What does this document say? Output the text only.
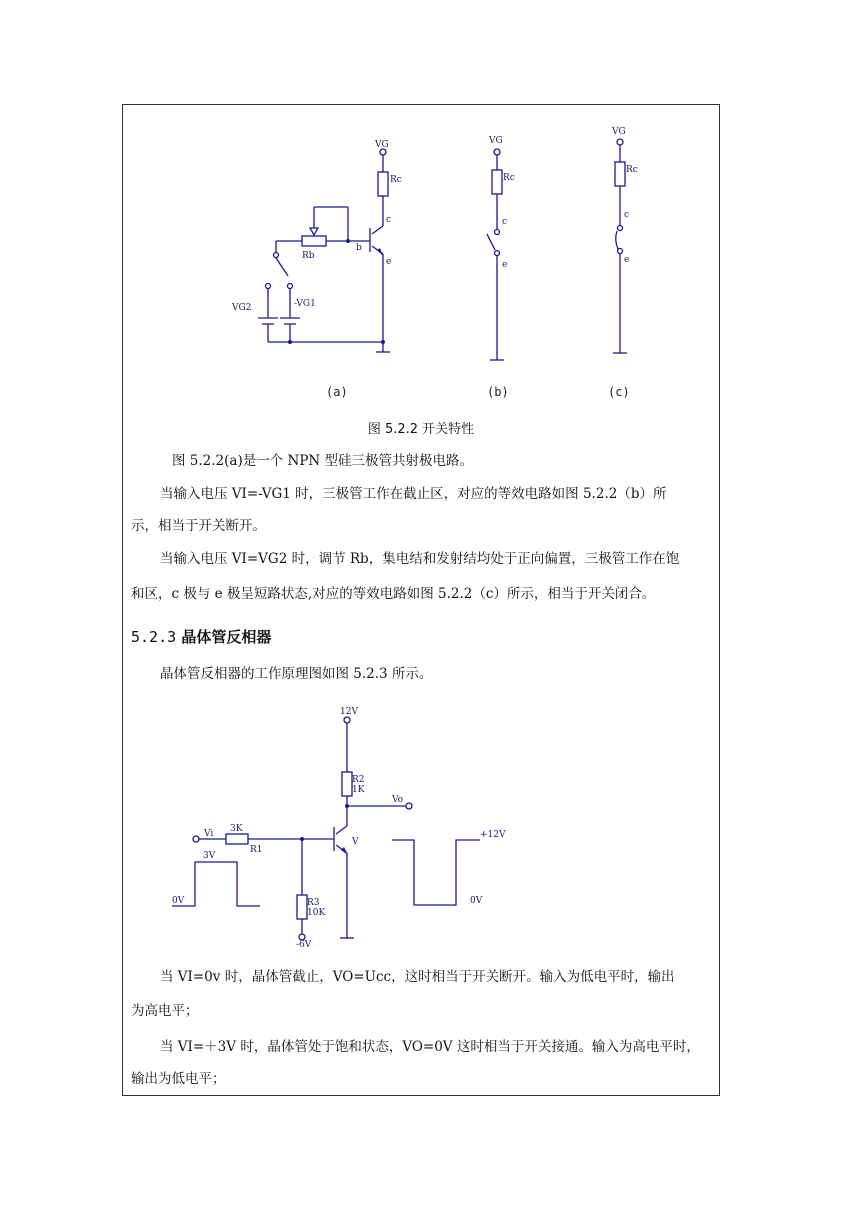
VG
Rc
c
b
e
Rb
VG2	-VG1
VG
Rc
c
e
VG
Rc
c
e
(a)	(b)	(c)
图 5.2.2 开关特性
图 5.2.2(a)是一个 NPN 型硅三极管共射极电路。
当输入电压 VI=-VG1 时，三极管工作在截止区，对应的等效电路如图 5.2.2（b）所
示，相当于开关断开。
当输入电压 VI=VG2 时，调节 Rb，集电结和发射结均处于正向偏置，三极管工作在饱
和区，c 极与 e 极呈短路状态,对应的等效电路如图 5.2.2（c）所示，相当于开关闭合。
5.2.3 晶体管反相器
晶体管反相器的工作原理图如图 5.2.3 所示。
12V
R2
1K
Vo
Vi 3K
R1
3V
0V
V
R3
10K
-6V
+12V
0V
当 VI=0v 时，晶体管截止，VO=Ucc，这时相当于开关断开。输入为低电平时，输出
为高电平；
当 VI=＋3V 时，晶体管处于饱和状态，VO=0V 这时相当于开关接通。输入为高电平时，
输出为低电平；
